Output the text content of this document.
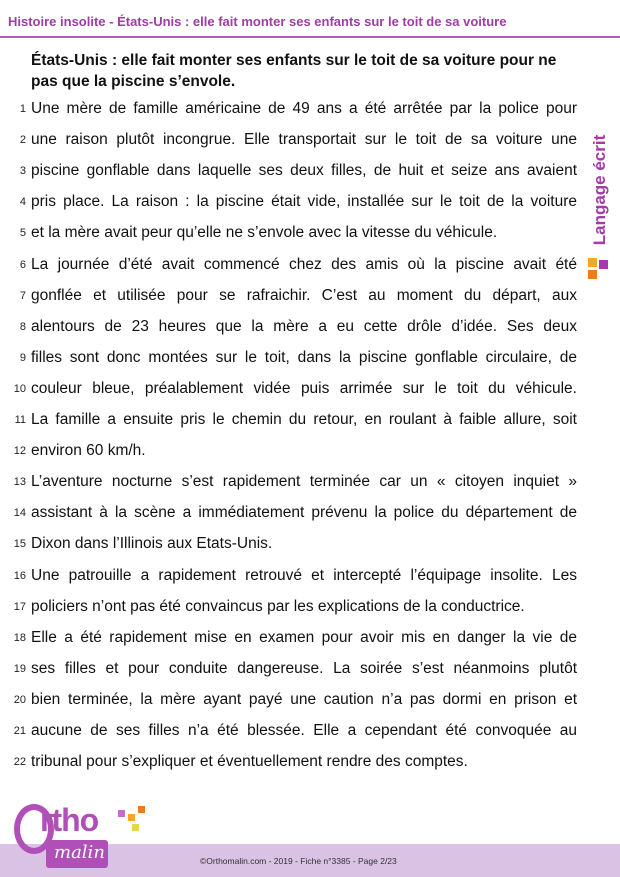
Histoire insolite - États-Unis : elle fait monter ses enfants sur le toit de sa voiture
Langage écrit
États-Unis : elle fait monter ses enfants sur le toit de sa voiture pour ne pas que la piscine s’envole.
1 Une mère de famille américaine de 49 ans a été arrêtée par la police pour
2 une raison plutôt incongrue. Elle transportait sur le toit de sa voiture une
3 piscine gonflable dans laquelle ses deux filles, de huit et seize ans avaient
4 pris place. La raison : la piscine était vide, installée sur le toit de la voiture
5 et la mère avait peur qu’elle ne s’envole avec la vitesse du véhicule.
6 La journée d’été avait commencé chez des amis où la piscine avait été
7 gonflée et utilisée pour se rafraichir. C’est au moment du départ, aux
8 alentours de 23 heures que la mère a eu cette drôle d’idée. Ses deux
9 filles sont donc montées sur le toit, dans la piscine gonflable circulaire, de
10 couleur bleue, préalablement vidée puis arrimée sur le toit du véhicule.
11 La famille a ensuite pris le chemin du retour, en roulant à faible allure, soit
12 environ 60 km/h.
13 L’aventure nocturne s’est rapidement terminée car un « citoyen inquiet »
14 assistant à la scène a immédiatement prévenu la police du département de
15 Dixon dans l’Illinois aux Etats-Unis.
16 Une patrouille a rapidement retrouvé et intercepté l’équipage insolite. Les
17 policiers n’ont pas été convaincus par les explications de la conductrice.
18 Elle a été rapidement mise en examen pour avoir mis en danger la vie de
19 ses filles et pour conduite dangereuse. La soirée s’est néanmoins plutôt
20 bien terminée, la mère ayant payé une caution n’a pas dormi en prison et
21 aucune de ses filles n’a été blessée. Elle a cependant été convoquée au
22 tribunal pour s’expliquer et éventuellement rendre des comptes.
©Orthomalin.com - 2019 - Fiche n°3385 - Page 2/23
rtho
malin
